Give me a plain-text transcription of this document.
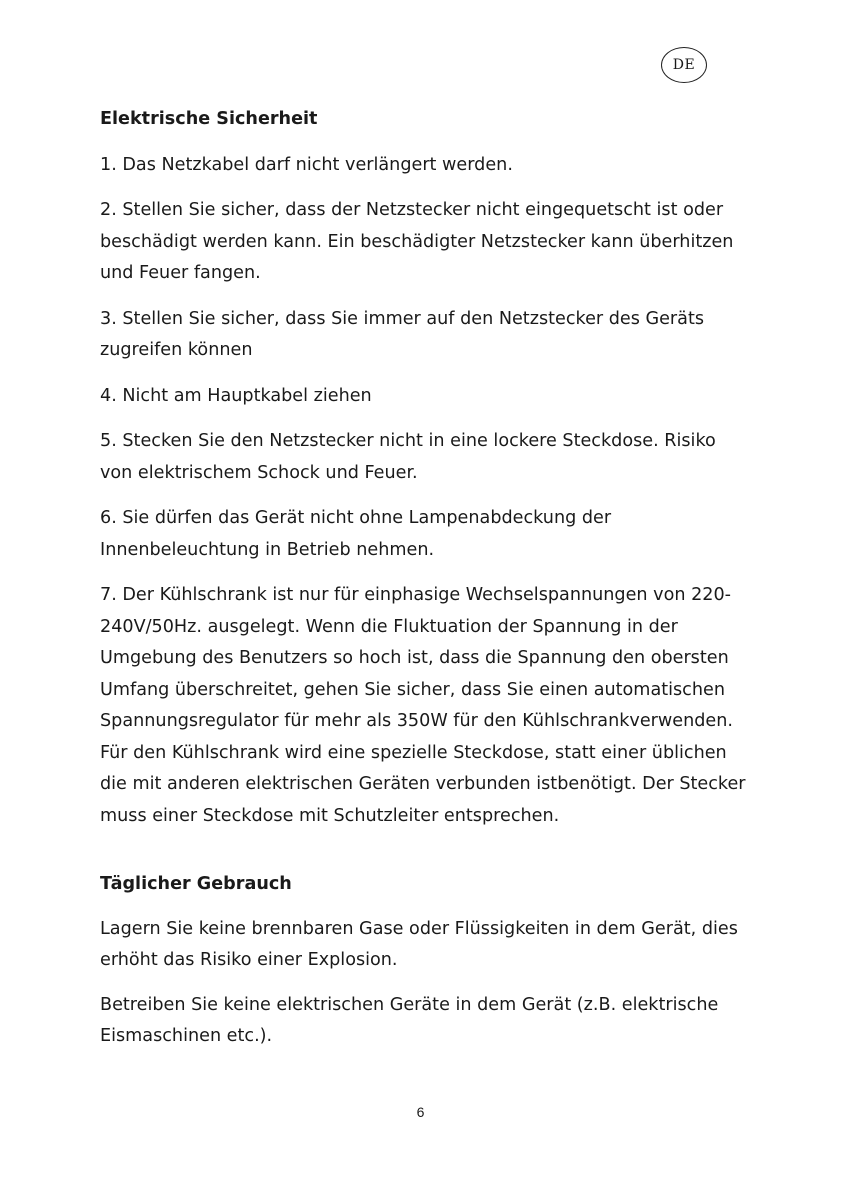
DE

Elektrische Sicherheit

1. Das Netzkabel darf nicht verlängert werden.

2. Stellen Sie sicher, dass der Netzstecker nicht eingequetscht ist oder beschädigt werden kann. Ein beschädigter Netzstecker kann überhitzen und Feuer fangen.

3. Stellen Sie sicher, dass Sie immer auf den Netzstecker des Geräts zugreifen können

4. Nicht am Hauptkabel ziehen

5. Stecken Sie den Netzstecker nicht in eine lockere Steckdose. Risiko von elektrischem Schock und Feuer.

6. Sie dürfen das Gerät nicht ohne Lampenabdeckung der Innenbeleuchtung in Betrieb nehmen.

7. Der Kühlschrank ist nur für einphasige Wechselspannungen von 220-240V/50Hz. ausgelegt. Wenn die Fluktuation der Spannung in der Umgebung des Benutzers so hoch ist, dass die Spannung den obersten Umfang überschreitet, gehen Sie sicher, dass Sie einen automatischen Spannungsregulator für mehr als 350W für den Kühlschrankverwenden. Für den Kühlschrank wird eine spezielle Steckdose, statt einer üblichen die mit anderen elektrischen Geräten verbunden istbenötigt. Der Stecker muss einer Steckdose mit Schutzleiter entsprechen.

Täglicher Gebrauch

Lagern Sie keine brennbaren Gase oder Flüssigkeiten in dem Gerät, dies erhöht das Risiko einer Explosion.

Betreiben Sie keine elektrischen Geräte in dem Gerät (z.B. elektrische Eismaschinen etc.).

6
